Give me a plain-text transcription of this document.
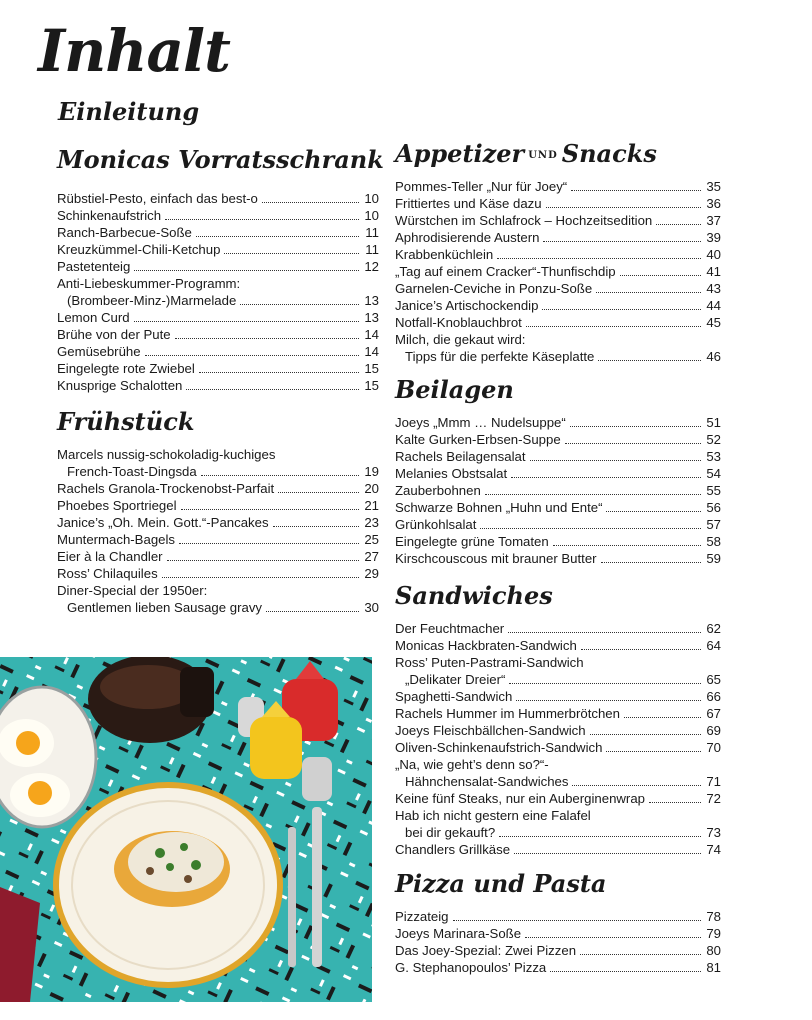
Inhalt
Einleitung
Monicas Vorratsschrank
Rübstiel-Pesto, einfach das best-o	10
Schinkenaufstrich	10
Ranch-Barbecue-Soße	11
Kreuzkümmel-Chili-Ketchup	11
Pastetenteig	12
Anti-Liebeskummer-Programm:
(Brombeer-Minz-)Marmelade	13
Lemon Curd	13
Brühe von der Pute	14
Gemüsebrühe	14
Eingelegte rote Zwiebel	15
Knusprige Schalotten	15
Frühstück
Marcels nussig-schokoladig-kuchiges
French-Toast-Dingsda	19
Rachels Granola-Trockenobst-Parfait	20
Phoebes Sportriegel	21
Janice’s „Oh. Mein. Gott.“-Pancakes	23
Muntermach-Bagels	25
Eier à la Chandler	27
Ross’ Chilaquiles	29
Diner-Special der 1950er:
Gentlemen lieben Sausage gravy	30
Appetizer UND Snacks
Pommes-Teller „Nur für Joey“	35
Frittiertes und Käse dazu	36
Würstchen im Schlafrock – Hochzeitsedition	37
Aphrodisierende Austern	39
Krabbenküchlein	40
„Tag auf einem Cracker“-Thunfischdip	41
Garnelen-Ceviche in Ponzu-Soße	43
Janice’s Artischockendip	44
Notfall-Knoblauchbrot	45
Milch, die gekaut wird:
Tipps für die perfekte Käseplatte	46
Beilagen
Joeys „Mmm … Nudelsuppe“	51
Kalte Gurken-Erbsen-Suppe	52
Rachels Beilagensalat	53
Melanies Obstsalat	54
Zauberbohnen	55
Schwarze Bohnen „Huhn und Ente“	56
Grünkohlsalat	57
Eingelegte grüne Tomaten	58
Kirschcouscous mit brauner Butter	59
Sandwiches
Der Feuchtmacher	62
Monicas Hackbraten-Sandwich	64
Ross’ Puten-Pastrami-Sandwich
„Delikater Dreier“	65
Spaghetti-Sandwich	66
Rachels Hummer im Hummerbrötchen	67
Joeys Fleischbällchen-Sandwich	69
Oliven-Schinkenaufstrich-Sandwich	70
„Na, wie geht’s denn so?“-
Hähnchensalat-Sandwiches	71
Keine fünf Steaks, nur ein Auberginenwrap	72
Hab ich nicht gestern eine Falafel
bei dir gekauft?	73
Chandlers Grillkäse	74
Pizza und Pasta
Pizzateig	78
Joeys Marinara-Soße	79
Das Joey-Spezial: Zwei Pizzen	80
G. Stephanopoulos’ Pizza	81
